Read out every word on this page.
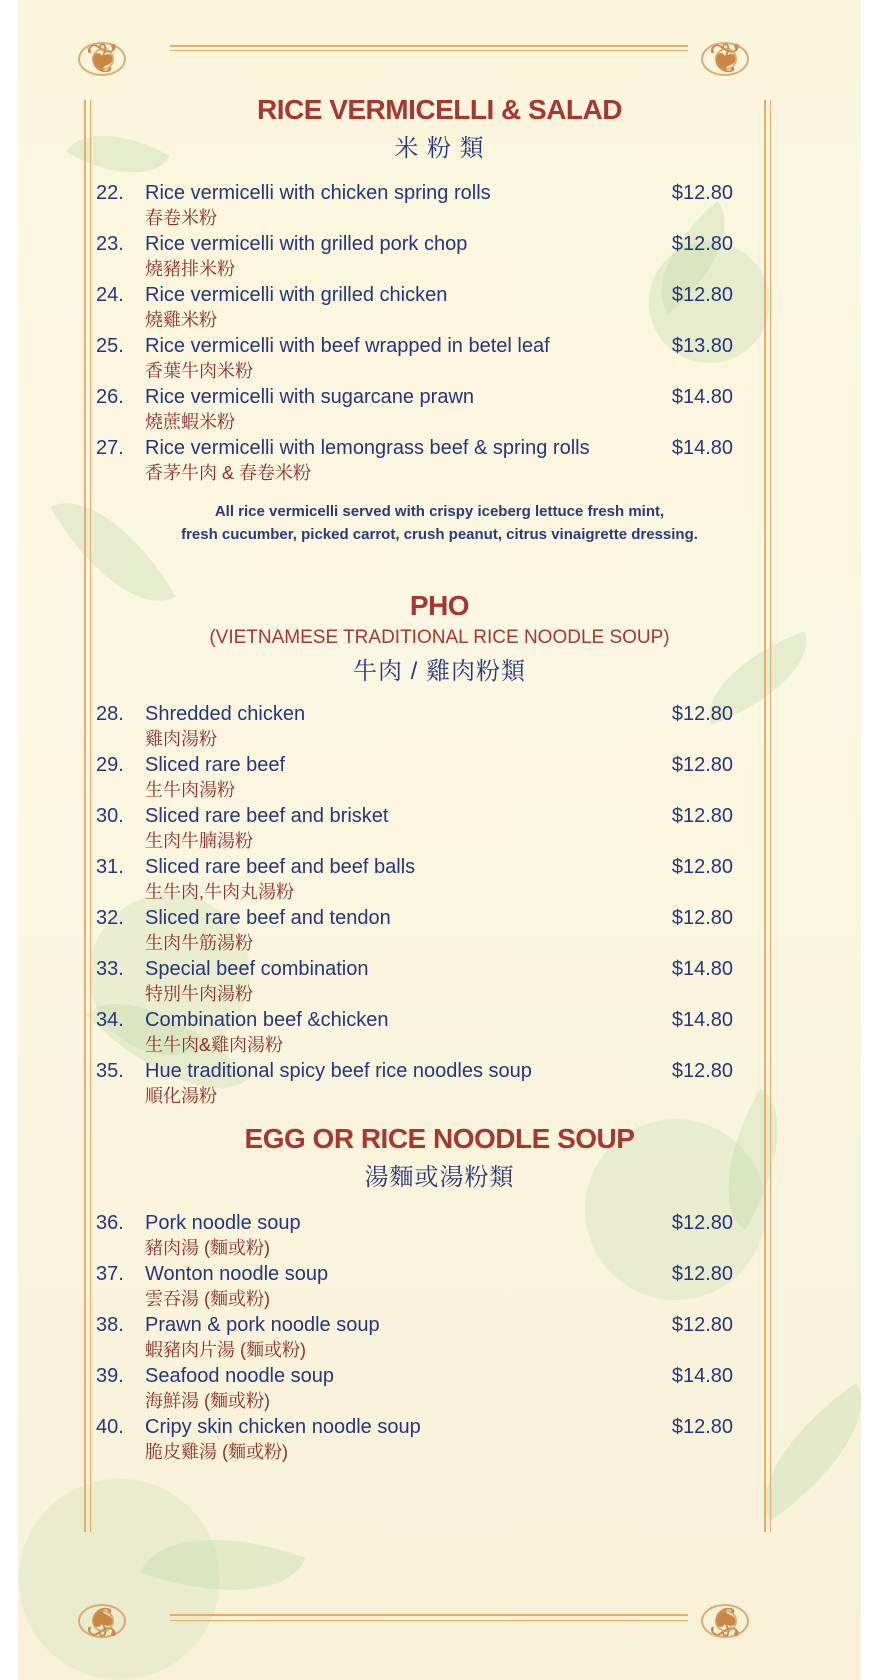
❦	❦
❦	❦
RICE VERMICELLI & SALAD
米 粉 類
22.	Rice vermicelli with chicken spring rolls	$12.80
春卷米粉
23.	Rice vermicelli with grilled pork chop	$12.80
燒豬排米粉
24.	Rice vermicelli with grilled chicken	$12.80
燒雞米粉
25.	Rice vermicelli with beef wrapped in betel leaf	$13.80
香葉牛肉米粉
26.	Rice vermicelli with sugarcane prawn	$14.80
燒蔗蝦米粉
27.	Rice vermicelli with lemongrass beef & spring rolls	$14.80
香茅牛肉 & 春卷米粉
All rice vermicelli served with crispy iceberg lettuce fresh mint,
fresh cucumber, picked carrot, crush peanut, citrus vinaigrette dressing.
PHO
(VIETNAMESE TRADITIONAL RICE NOODLE SOUP)
牛肉 / 雞肉粉類
28.	Shredded chicken	$12.80
雞肉湯粉
29.	Sliced rare beef	$12.80
生牛肉湯粉
30.	Sliced rare beef and brisket	$12.80
生肉牛腩湯粉
31.	Sliced rare beef and beef balls	$12.80
生牛肉,牛肉丸湯粉
32.	Sliced rare beef and tendon	$12.80
生肉牛筋湯粉
33.	Special beef combination	$14.80
特別牛肉湯粉
34.	Combination beef &chicken	$14.80
生牛肉&雞肉湯粉
35.	Hue traditional spicy beef rice noodles soup	$12.80
順化湯粉
EGG OR RICE NOODLE SOUP
湯麵或湯粉類
36.	Pork noodle soup	$12.80
豬肉湯 (麵或粉)
37.	Wonton noodle soup	$12.80
雲吞湯 (麵或粉)
38.	Prawn & pork noodle soup	$12.80
蝦豬肉片湯 (麵或粉)
39.	Seafood noodle soup	$14.80
海鮮湯 (麵或粉)
40.	Cripy skin chicken noodle soup	$12.80
脆皮雞湯 (麵或粉)
